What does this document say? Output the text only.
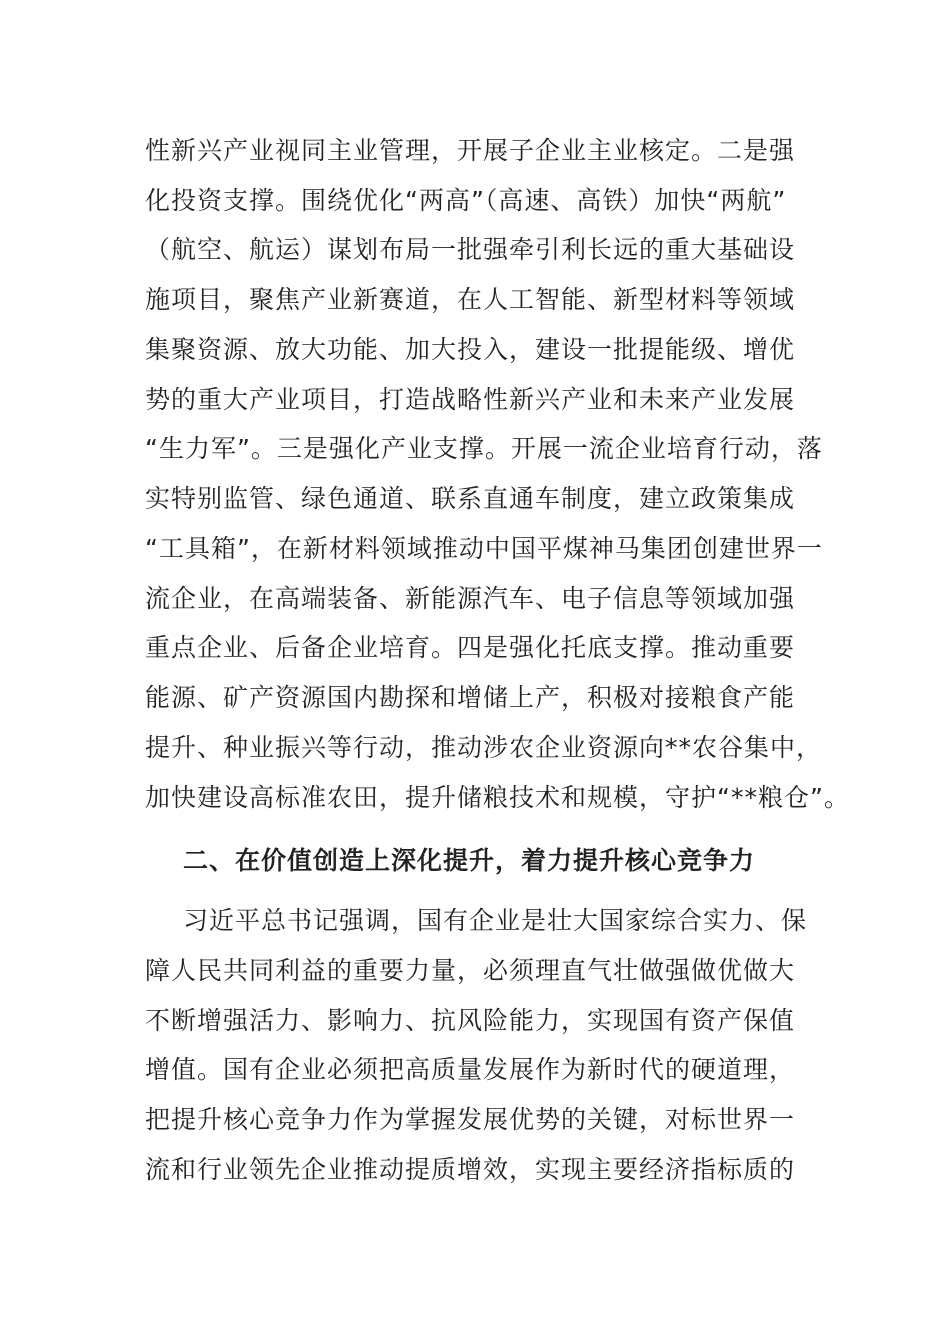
性新兴产业视同主业管理，开展子企业主业核定。二是强
化投资支撑。围绕优化“两高”（高速、高铁）加快“两航”
（航空、航运）谋划布局一批强牵引利长远的重大基础设
施项目，聚焦产业新赛道，在人工智能、新型材料等领域
集聚资源、放大功能、加大投入，建设一批提能级、增优
势的重大产业项目，打造战略性新兴产业和未来产业发展
“生力军”。三是强化产业支撑。开展一流企业培育行动，落
实特别监管、绿色通道、联系直通车制度，建立政策集成
“工具箱”，在新材料领域推动中国平煤神马集团创建世界一
流企业，在高端装备、新能源汽车、电子信息等领域加强
重点企业、后备企业培育。四是强化托底支撑。推动重要
能源、矿产资源国内勘探和增储上产，积极对接粮食产能
提升、种业振兴等行动，推动涉农企业资源向**农谷集中，
加快建设高标准农田，提升储粮技术和规模，守护“**粮仓”。
二、在价值创造上深化提升，着力提升核心竞争力
习近平总书记强调，国有企业是壮大国家综合实力、保
障人民共同利益的重要力量，必须理直气壮做强做优做大
不断增强活力、影响力、抗风险能力，实现国有资产保值
增值。国有企业必须把高质量发展作为新时代的硬道理，
把提升核心竞争力作为掌握发展优势的关键，对标世界一
流和行业领先企业推动提质增效，实现主要经济指标质的
